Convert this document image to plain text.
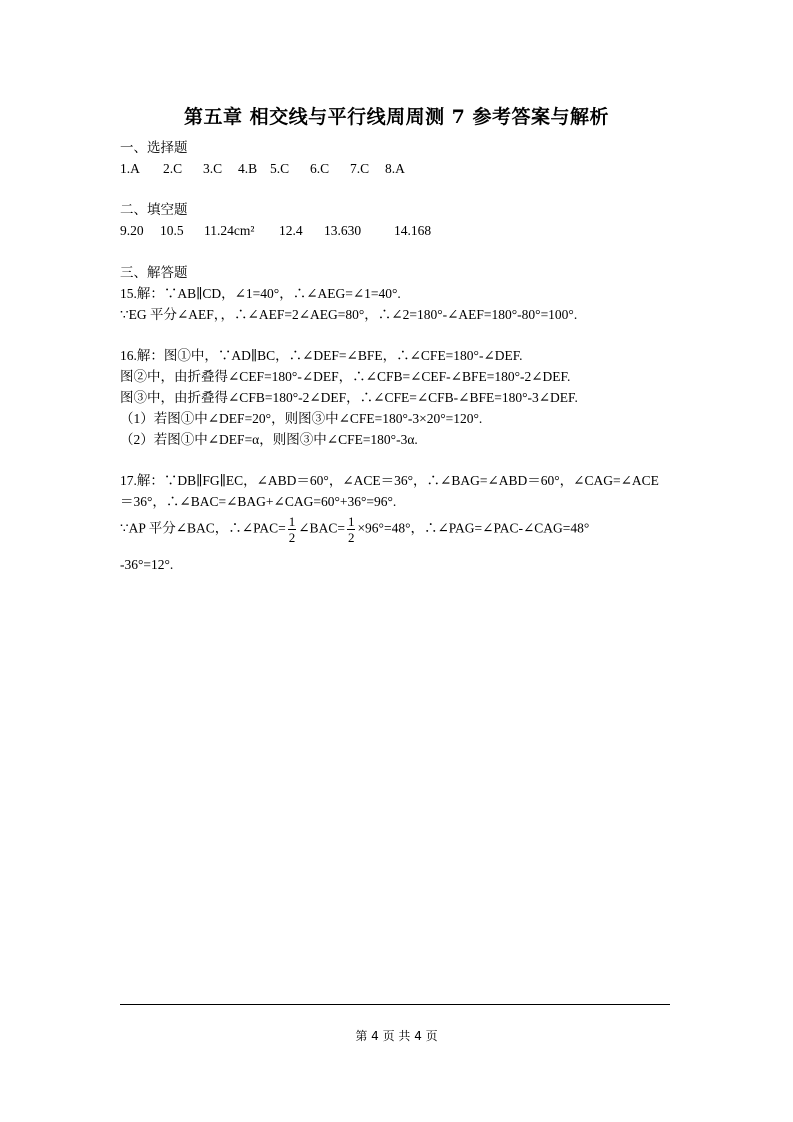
第五章 相交线与平行线周周测 7 参考答案与解析
一、选择题
1.A 2.C 3.C 4.B 5.C 6.C 7.C 8.A
二、填空题
9.20 10.5 11.24cm² 12.4 13.630 14.168
三、解答题
15.解：∵AB∥CD，∠1=40°，∴∠AEG=∠1=40°.
∵EG 平分∠AEF，，∴∠AEF=2∠AEG=80°，∴∠2=180°-∠AEF=180°-80°=100°.
16.解：图①中，∵AD∥BC，∴∠DEF=∠BFE，∴∠CFE=180°-∠DEF.
图②中，由折叠得∠CEF=180°-∠DEF，∴∠CFB=∠CEF-∠BFE=180°-2∠DEF.
图③中，由折叠得∠CFB=180°-2∠DEF，∴∠CFE=∠CFB-∠BFE=180°-3∠DEF.
（1）若图①中∠DEF=20°，则图③中∠CFE=180°-3×20°=120°.
（2）若图①中∠DEF=α，则图③中∠CFE=180°-3α.
17.解：∵DB∥FG∥EC，∠ABD＝60°，∠ACE＝36°，∴∠BAG=∠ABD＝60°，∠CAG=∠ACE
＝36°，∴∠BAC=∠BAG+∠CAG=60°+36°=96°.
∵AP 平分∠BAC，∴∠PAC= $\frac{1}{2}$ ∠BAC= $\frac{1}{2} \times 96^\circ=48^\circ$，∴∠PAG=∠PAC-∠CAG=48°
-36°=12°.
第 4 页 共 4 页
